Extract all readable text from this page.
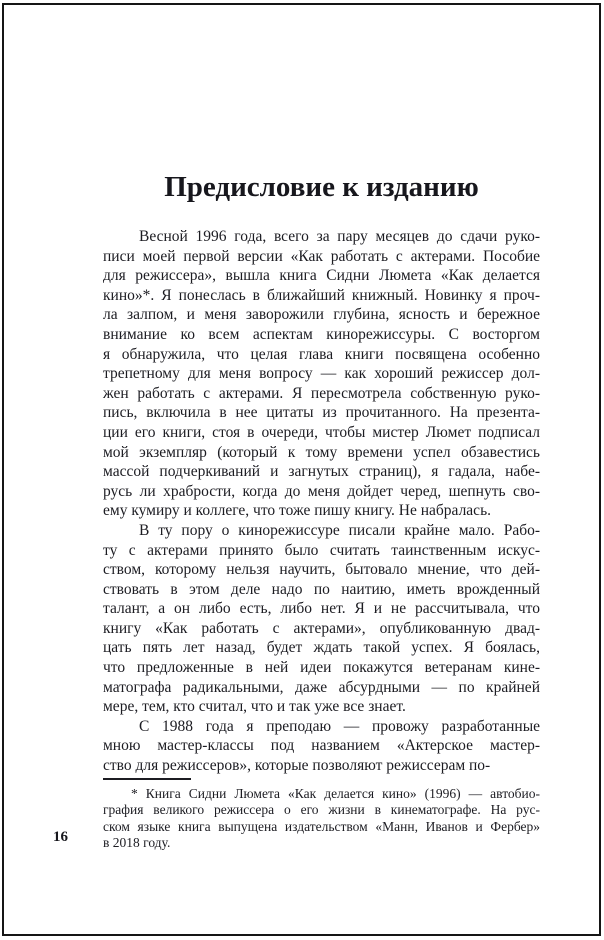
Предисловие к изданию
Весной 1996 года, всего за пару месяцев до сдачи руко-
писи моей первой версии «Как работать с актерами. Пособие
для режиссера», вышла книга Сидни Люмета «Как делается
кино»*. Я понеслась в ближайший книжный. Новинку я проч-
ла залпом, и меня заворожили глубина, ясность и бережное
внимание ко всем аспектам кинорежиссуры. С восторгом
я обнаружила, что целая глава книги посвящена особенно
трепетному для меня вопросу — как хороший режиссер дол-
жен работать с актерами. Я пересмотрела собственную руко-
пись, включила в нее цитаты из прочитанного. На презента-
ции его книги, стоя в очереди, чтобы мистер Люмет подписал
мой экземпляр (который к тому времени успел обзавестись
массой подчеркиваний и загнутых страниц), я гадала, набе-
русь ли храбрости, когда до меня дойдет черед, шепнуть сво-
ему кумиру и коллеге, что тоже пишу книгу. Не набралась.
В ту пору о кинорежиссуре писали крайне мало. Рабо-
ту с актерами принято было считать таинственным искус-
ством, которому нельзя научить, бытовало мнение, что дей-
ствовать в этом деле надо по наитию, иметь врожденный
талант, а он либо есть, либо нет. Я и не рассчитывала, что
книгу «Как работать с актерами», опубликованную двад-
цать пять лет назад, будет ждать такой успех. Я боялась,
что предложенные в ней идеи покажутся ветеранам кине-
матографа радикальными, даже абсурдными — по крайней
мере, тем, кто считал, что и так уже все знает.
С 1988 года я преподаю — провожу разработанные
мною мастер-классы под названием «Актерское мастер-
ство для режиссеров», которые позволяют режиссерам по-
* Книга Сидни Люмета «Как делается кино» (1996) — автобио-
графия великого режиссера о его жизни в кинематографе. На рус-
ском языке книга выпущена издательством «Манн, Иванов и Фербер»
в 2018 году.
16
